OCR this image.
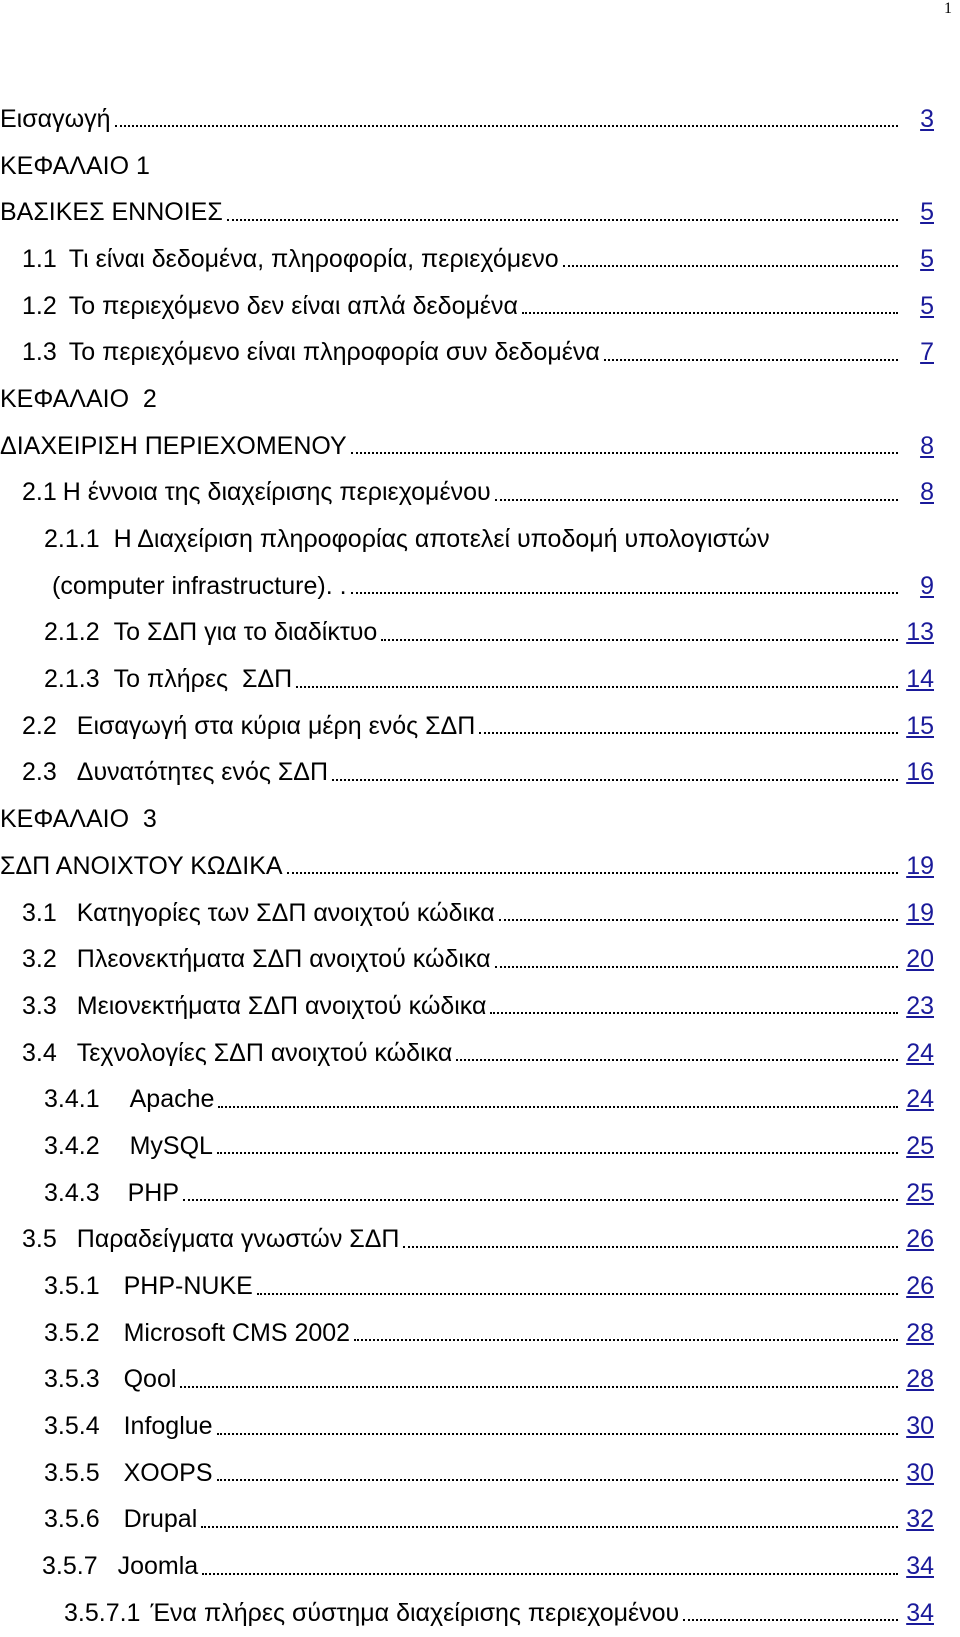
1
Εισαγωγή	3
ΚΕΦΑΛΑΙΟ 1
ΒΑΣΙΚΕΣ ΕΝΝΟΙΕΣ	5
1.1 Τι είναι δεδομένα, πληροφορία, περιεχόμενο	5
1.2 Το περιεχόμενο δεν είναι απλά δεδομένα	5
1.3 Το περιεχόμενο είναι πληροφορία συν δεδομένα	7
ΚΕΦΑΛΑΙΟ  2
ΔΙΑΧΕΙΡΙΣΗ ΠΕΡΙΕΧΟΜΕΝΟΥ	8
2.1 Η έννοια της διαχείρισης περιεχομένου	8
2.1.1 Η Διαχείριση πληροφορίας αποτελεί υποδομή υπολογιστών
(computer infrastructure). .	9
2.1.2 Το ΣΔΠ για το διαδίκτυο	13
2.1.3 Το πλήρες  ΣΔΠ	14
2.2 Εισαγωγή στα κύρια μέρη ενός ΣΔΠ	15
2.3 Δυνατότητες ενός ΣΔΠ	16
ΚΕΦΑΛΑΙΟ  3
ΣΔΠ ΑΝΟΙΧΤΟΥ ΚΩΔΙΚΑ	19
3.1 Κατηγορίες των ΣΔΠ ανοιχτού κώδικα	19
3.2 Πλεονεκτήματα ΣΔΠ ανοιχτού κώδικα	20
3.3 Μειονεκτήματα ΣΔΠ ανοιχτού κώδικα	23
3.4 Τεχνολογίες ΣΔΠ ανοιχτού κώδικα	24
3.4.1 Apache	24
3.4.2 MySQL	25
3.4.3 PHP	25
3.5 Παραδείγματα γνωστών ΣΔΠ	26
3.5.1 PHP-NUKE	26
3.5.2 Microsoft CMS 2002	28
3.5.3 Qool	28
3.5.4 Infoglue	30
3.5.5 XOOPS	30
3.5.6 Drupal	32
3.5.7 Joomla	34
3.5.7.1 Ένα πλήρες σύστημα διαχείρισης περιεχομένου	34
